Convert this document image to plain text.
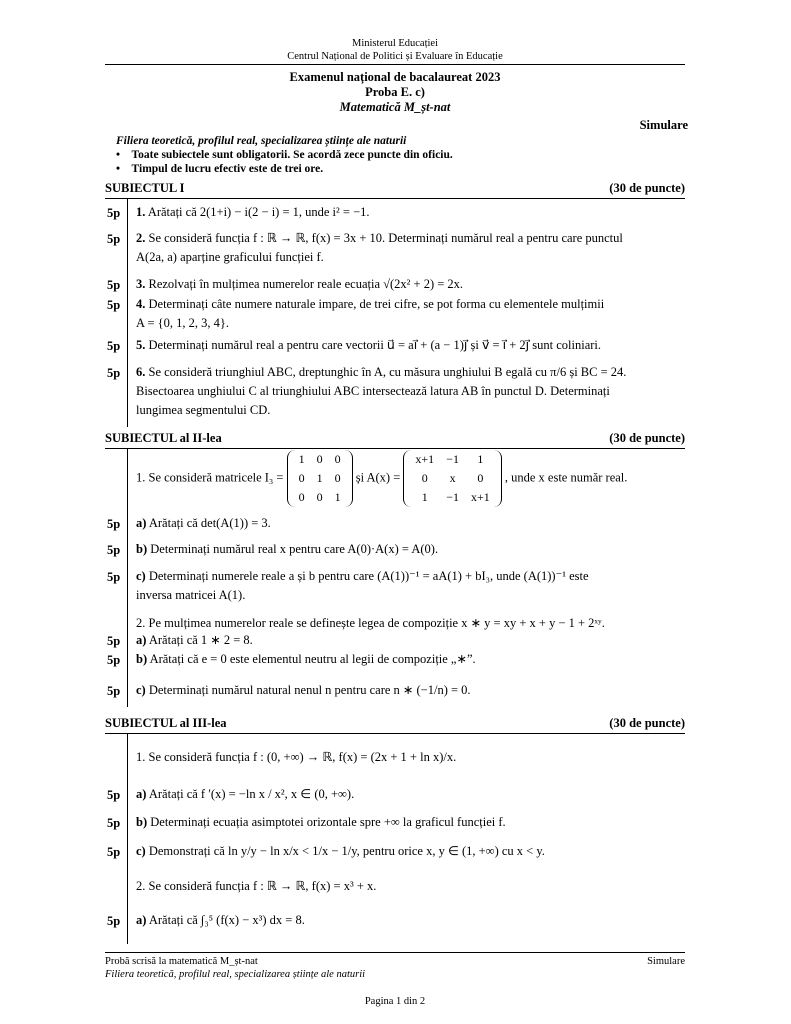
Ministerul Educației
Centrul Național de Politici și Evaluare în Educație
Examenul național de bacalaureat 2023
Proba E. c)
Matematică M_șt-nat
Simulare
Filiera teoretică, profilul real, specializarea științe ale naturii
• Toate subiectele sunt obligatorii. Se acordă zece puncte din oficiu.
• Timpul de lucru efectiv este de trei ore.
SUBIECTUL I	(30 de puncte)
5p	1. Arătați că 2(1+i) − i(2 − i) = 1, unde i² = −1.
5p	2. Se consideră funcția f : ℝ → ℝ, f(x) = 3x + 10. Determinați numărul real a pentru care punctul
A(2a, a) aparține graficului funcției f.
5p	3. Rezolvați în mulțimea numerelor reale ecuația √(2x² + 2) = 2x.
5p	4. Determinați câte numere naturale impare, de trei cifre, se pot forma cu elementele mulțimii
A = {0, 1, 2, 3, 4}.
5p	5. Determinați numărul real a pentru care vectorii u⃗ = ai⃗ + (a − 1)j⃗ și v⃗ = i⃗ + 2j⃗ sunt coliniari.
5p	6. Se consideră triunghiul ABC, dreptunghic în A, cu măsura unghiului B egală cu π/6 și BC = 24.
Bisectoarea unghiului C al triunghiului ABC intersectează latura AB în punctul D. Determinați
lungimea segmentului CD.
SUBIECTUL al II-lea	(30 de puncte)
1. Se consideră matricele I₃ =
1	0	0
0	1	0
0	0	1
și A(x) =
x+1	−1	1
0	x	0
1	−1	x+1
, unde x este număr real.
5p	a) Arătați că det(A(1)) = 3.
5p	b) Determinați numărul real x pentru care A(0)·A(x) = A(0).
5p	c) Determinați numerele reale a și b pentru care (A(1))⁻¹ = aA(1) + bI₃, unde (A(1))⁻¹ este
inversa matricei A(1).
2. Pe mulțimea numerelor reale se definește legea de compoziție x ∗ y = xy + x + y − 1 + 2ˣʸ.
5p	a) Arătați că 1 ∗ 2 = 8.
5p	b) Arătați că e = 0 este elementul neutru al legii de compoziție „∗”.
5p	c) Determinați numărul natural nenul n pentru care n ∗ (−1/n) = 0.
SUBIECTUL al III-lea	(30 de puncte)
1. Se consideră funcția f : (0, +∞) → ℝ, f(x) = (2x + 1 + ln x)/x.
5p	a) Arătați că f ′(x) = −ln x / x², x ∈ (0, +∞).
5p	b) Determinați ecuația asimptotei orizontale spre +∞ la graficul funcției f.
5p	c) Demonstrați că ln y/y − ln x/x < 1/x − 1/y, pentru orice x, y ∈ (1, +∞) cu x < y.
2. Se consideră funcția f : ℝ → ℝ, f(x) = x³ + x.
5p	a) Arătați că ∫₃⁵ (f(x) − x³) dx = 8.
Probă scrisă la matematică M_șt-nat	Simulare
Filiera teoretică, profilul real, specializarea științe ale naturii
Pagina 1 din 2
